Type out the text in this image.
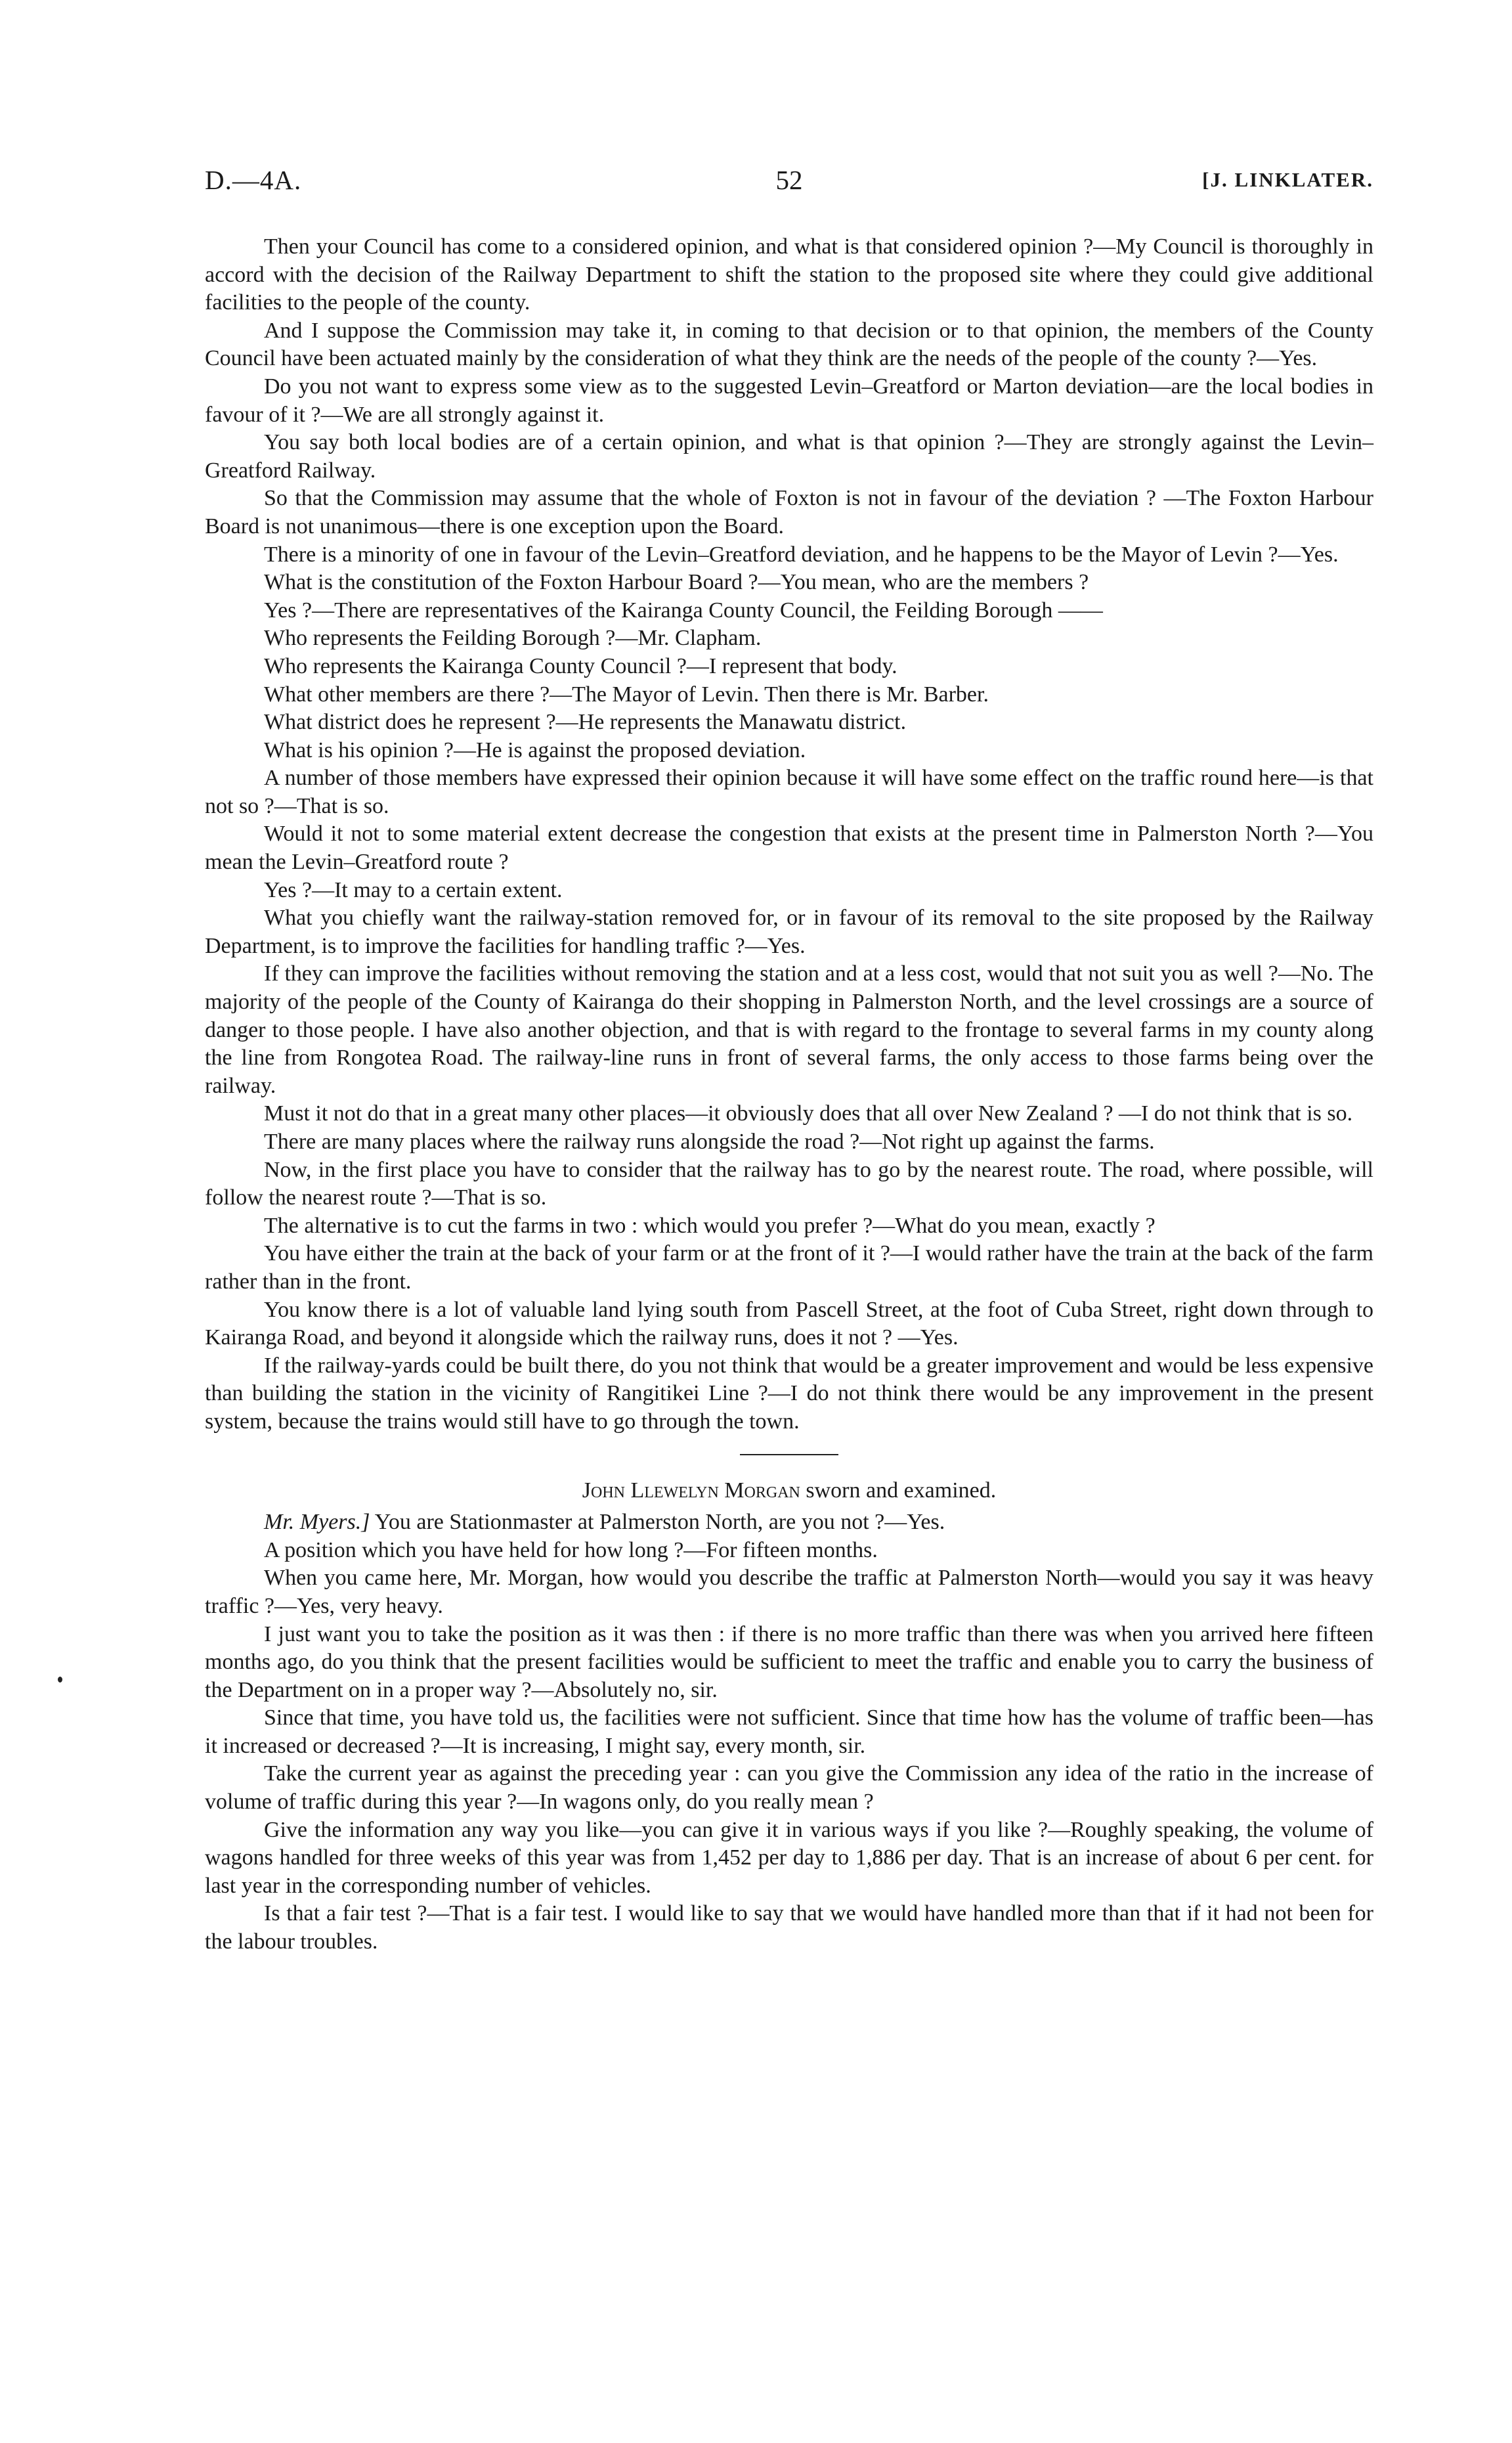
D.—4A.	52	[J. LINKLATER.

Then your Council has come to a considered opinion, and what is that considered opinion ?—My Council is thoroughly in accord with the decision of the Railway Department to shift the station to the proposed site where they could give additional facilities to the people of the county.

And I suppose the Commission may take it, in coming to that decision or to that opinion, the members of the County Council have been actuated mainly by the consideration of what they think are the needs of the people of the county ?—Yes.

Do you not want to express some view as to the suggested Levin–Greatford or Marton deviation—are the local bodies in favour of it ?—We are all strongly against it.

You say both local bodies are of a certain opinion, and what is that opinion ?—They are strongly against the Levin–Greatford Railway.

So that the Commission may assume that the whole of Foxton is not in favour of the deviation ? —The Foxton Harbour Board is not unanimous—there is one exception upon the Board.

There is a minority of one in favour of the Levin–Greatford deviation, and he happens to be the Mayor of Levin ?—Yes.

What is the constitution of the Foxton Harbour Board ?—You mean, who are the members ?

Yes ?—There are representatives of the Kairanga County Council, the Feilding Borough ——

Who represents the Feilding Borough ?—Mr. Clapham.

Who represents the Kairanga County Council ?—I represent that body.

What other members are there ?—The Mayor of Levin. Then there is Mr. Barber.

What district does he represent ?—He represents the Manawatu district.

What is his opinion ?—He is against the proposed deviation.

A number of those members have expressed their opinion because it will have some effect on the traffic round here—is that not so ?—That is so.

Would it not to some material extent decrease the congestion that exists at the present time in Palmerston North ?—You mean the Levin–Greatford route ?

Yes ?—It may to a certain extent.

What you chiefly want the railway-station removed for, or in favour of its removal to the site proposed by the Railway Department, is to improve the facilities for handling traffic ?—Yes.

If they can improve the facilities without removing the station and at a less cost, would that not suit you as well ?—No. The majority of the people of the County of Kairanga do their shopping in Palmerston North, and the level crossings are a source of danger to those people. I have also another objection, and that is with regard to the frontage to several farms in my county along the line from Rongotea Road. The railway-line runs in front of several farms, the only access to those farms being over the railway.

Must it not do that in a great many other places—it obviously does that all over New Zealand ? —I do not think that is so.

There are many places where the railway runs alongside the road ?—Not right up against the farms.

Now, in the first place you have to consider that the railway has to go by the nearest route. The road, where possible, will follow the nearest route ?—That is so.

The alternative is to cut the farms in two : which would you prefer ?—What do you mean, exactly ?

You have either the train at the back of your farm or at the front of it ?—I would rather have the train at the back of the farm rather than in the front.

You know there is a lot of valuable land lying south from Pascell Street, at the foot of Cuba Street, right down through to Kairanga Road, and beyond it alongside which the railway runs, does it not ? —Yes.

If the railway-yards could be built there, do you not think that would be a greater improvement and would be less expensive than building the station in the vicinity of Rangitikei Line ?—I do not think there would be any improvement in the present system, because the trains would still have to go through the town.

John Llewelyn Morgan sworn and examined.

Mr. Myers.] You are Stationmaster at Palmerston North, are you not ?—Yes.

A position which you have held for how long ?—For fifteen months.

When you came here, Mr. Morgan, how would you describe the traffic at Palmerston North—would you say it was heavy traffic ?—Yes, very heavy.

I just want you to take the position as it was then : if there is no more traffic than there was when you arrived here fifteen months ago, do you think that the present facilities would be sufficient to meet the traffic and enable you to carry the business of the Department on in a proper way ?—Absolutely no, sir.

Since that time, you have told us, the facilities were not sufficient. Since that time how has the volume of traffic been—has it increased or decreased ?—It is increasing, I might say, every month, sir.

Take the current year as against the preceding year : can you give the Commission any idea of the ratio in the increase of volume of traffic during this year ?—In wagons only, do you really mean ?

Give the information any way you like—you can give it in various ways if you like ?—Roughly speaking, the volume of wagons handled for three weeks of this year was from 1,452 per day to 1,886 per day. That is an increase of about 6 per cent. for last year in the corresponding number of vehicles.

Is that a fair test ?—That is a fair test. I would like to say that we would have handled more than that if it had not been for the labour troubles.
